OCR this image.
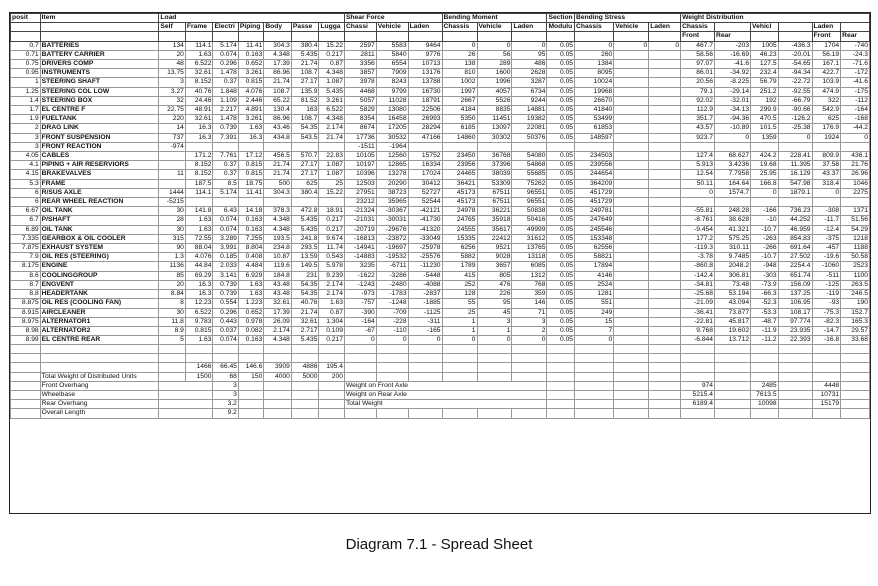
posit	Item	Load							Shear Force			Bending Moment			Section	Bending Stress			Weight Distribution					
		Self	Frame	Electri	Piping	Body	Passe	Lugga	Chassi	Vehicle	Laden	Chassis	Vehicle	Laden	Modulu	Chassis	Vehicle	Laden	Chassis		Vehicl		Laden	
																			Front	Rear			Front	Rear
0.7	BATTERIES	134	114.1	5.174	11.41	304.3	380.4	15.22	2597	5583	9464	0	0	0	0.05	0	0	0	467.7	-203	1005	-436.3	1704	-740
0.71	BATTERY CARRIER	20	1.63	0.074	0.163	4.348	5.435	0.217	2811	5840	9776	26	56	95	0.05	260			58.56	-16.69	46.23	-20.01	56.19	-24.3
0.75	DRIVERS COMP	48	6.522	0.296	0.652	17.39	21.74	0.87	3356	6554	10713	138	289	486	0.05	1384			97.07	-41.6	127.5	-54.65	167.1	-71.6
0.95	INSTRUMENTS	13.75	32.61	1.478	3.261	86.96	108.7	4.348	3857	7909	13176	810	1600	2628	0.05	8095			86.01	-34.92	232.4	-94.34	422.7	-172
1	STEERING SHAFT	3	8.152	0.37	0.815	21.74	27.17	1.087	3978	8243	13788	1002	1996	3287	0.05	10024			20.56	-8.225	56.79	-22.72	103.9	-41.6
1.25	STEERING COL LOW	3.27	40.76	1.848	4.076	108.7	135.9	5.435	4468	9799	16730	1997	4057	6734	0.05	19968			79.1	-29.14	251.2	-92.55	474.9	-175
1.4	STEERING BOX	32	24.46	1.109	2.446	65.22	81.52	3.261	5057	11028	18791	2667	5526	9244	0.05	26670			92.02	-32.01	192	-66.79	322	-112
1.7	EL CENTRE F	22.75	48.91	2.217	4.891	130.4	163	6.522	5829	13080	22506	4184	8835	14881	0.05	41840			112.9	-34.13	299.9	-90.66	542.9	-164
1.9	FUELTANK	220	32.61	1.478	3.261	86.96	108.7	4.348	8354	16458	26993	5350	11451	19382	0.05	53499			351.7	-94.36	470.5	-126.2	625	-168
2	DRAG LINK	14	16.3	0.739	1.63	43.46	54.35	2.174	8674	17205	28294	6185	13097	22081	0.05	61853			43.57	-10.89	101.5	-25.38	176.9	-44.2
3	FRONT SUSPENSION	737	16.3	7.391	16.3	434.8	543.5	21.74	17736	30532	47166	14860	30302	50376	0.05	148597			923.7	0	1359	0	1924	0
3	FRONT REACTION	-974							-1511	-1964														
4.05	CABLES		171.2	7.761	17.12	456.5	570.7	22.83	10105	12560	15752	23450	36768	54080	0.05	234503			127.4	68.627	424.2	228.41	809.9	436.1
4.1	PIPING + AIR RESERVIORS		8.152	0.37	0.815	21.74	27.17	1.087	10197	12865	16334	23956	37396	54868	0.05	239556			5.913	3.4236	19.68	11.395	37.58	21.76
4.15	BRAKEVALVES	11	8.152	0.37	0.815	21.74	27.17	1.087	10396	13278	17024	24465	38039	55685	0.05	244654			12.54	7.7958	25.95	16.129	43.37	26.96
5.3	FRAME		187.5	8.5	18.75	500	625	25	12503	20290	30412	36421	53309	75262	0.05	364209			50.11	164.64	166.8	547.98	318.4	1046
6	R/SUS AXLE	1444	114.1	5.174	11.41	304.3	380.4	15.22	27951	38723	52727	45173	67511	96551	0.05	451729			0	1574.7	0	1879.1	0	2275
6	REAR WHEEL REACTION	-5215							23212	35965	52544	45173	67511	96551	0.05	451729								
6.67	OIL TANK	30	141.8	6.43	14.18	378.3	472.8	18.91	-21324	-30367	-42121	24978	36221	50838	0.05	249781			-55.81	248.28	-166	736.23	-308	1371
6.7	P/SHAFT	28	1.63	0.074	0.163	4.348	5.435	0.217	-21031	-30031	-41730	24765	35918	50416	0.05	247649			-8.761	38.628	-10	44.252	-11.7	51.56
6.89	OIL TANK	30	1.63	0.074	0.163	4.348	5.435	0.217	-20719	-29676	-41320	24555	35617	49999	0.05	245546			-9.454	41.321	-10.7	46.959	-12.4	54.29
7.335	GEARBOX & OIL COOLER	315	72.55	3.289	7.255	193.5	241.8	9.674	-16813	-23872	-33049	15335	22412	31612	0.05	153348			177.2	575.25	-263	854.83	-375	1218
7.875	EXHAUST SYSTEM	90	88.04	3.991	8.804	234.8	293.5	11.74	-14941	-19697	-25978	6256	9521	13765	0.05	62556			-119.3	310.11	-266	691.64	-457	1188
7.9	OIL RES (STEERING)	1.3	4.076	0.185	0.408	10.87	13.59	0.543	-14883	-19532	-25576	5882	9028	13118	0.05	58821			-3.78	9.7485	-10.7	27.502	-19.6	50.58
8.175	ENGINE	1136	44.84	2.033	4.484	119.6	149.5	5.978	3235	-6711	-11230	1789	3657	6085	0.05	17894			-860.8	2048.2	-948	2254.4	-1060	2523
8.6	COOLINGGROUP	85	69.29	3.141	6.929	184.8	231	9.239	-1622	-3286	-5448	415	805	1312	0.05	4146			-142.4	306.81	-303	651.74	-511	1100
8.7	ENGVENT	20	16.3	0.739	1.63	43.48	54.35	2.174	-1243	-2480	-4088	252	476	768	0.05	2524			-34.81	73.48	-73.9	156.09	-125	263.5
8.8	HEADERTANK	8.84	16.3	0.739	1.63	43.48	54.35	2.174	-973	-1783	-2837	128	226	359	0.05	1281			-25.68	53.194	-66.3	137.25	-119	246.5
8.875	OIL RES (COOLING FAN)	8	12.23	0.554	1.223	32.61	40.76	1.63	-757	-1248	-1885	55	95	146	0.05	551			-21.09	43.094	-52.3	106.95	-93	190
8.915	AIRCLEANER	30	6.522	0.296	0.652	17.39	21.74	0.87	-390	-709	-1125	25	45	71	0.05	249			-36.41	73.877	-53.3	108.17	-75.3	152.7
8.975	ALTERNATOR1	11.8	9.783	0.443	0.978	26.09	32.61	1.304	-164	-228	-311	1	3	3	0.05	15			-22.81	45.817	-48.7	97.774	-82.3	165.3
8.98	ALTERNATOR2	8.9	0.815	0.037	0.082	2.174	2.717	0.109	-67	-110	-165	1	1	2	0.05	7			9.768	19.602	-11.9	23.935	-14.7	29.57
8.99	EL CENTRE REAR	5	1.63	0.074	0.163	4.348	5.435	0.217	0	0	0	0	0	0	0.05	0			-6.844	13.712	-11.2	22.393	-16.8	33.68

			1466	66.45	146.6	3909	4886	195.4																
	Total Weight of Distributed Units		1500	68	150	4000	5000	200																
	Front Overhang			3					Weight on Front Axle										974		2485		4448	
	Wheelbase			3					Weight on Rear Axle										5215.4		7613.5		10731	
	Rear Overhang			3.2					Total Weight										6189.4		10098		15179	
	Overall Length			9.2																				
Diagram 7.1 - Spread Sheet
